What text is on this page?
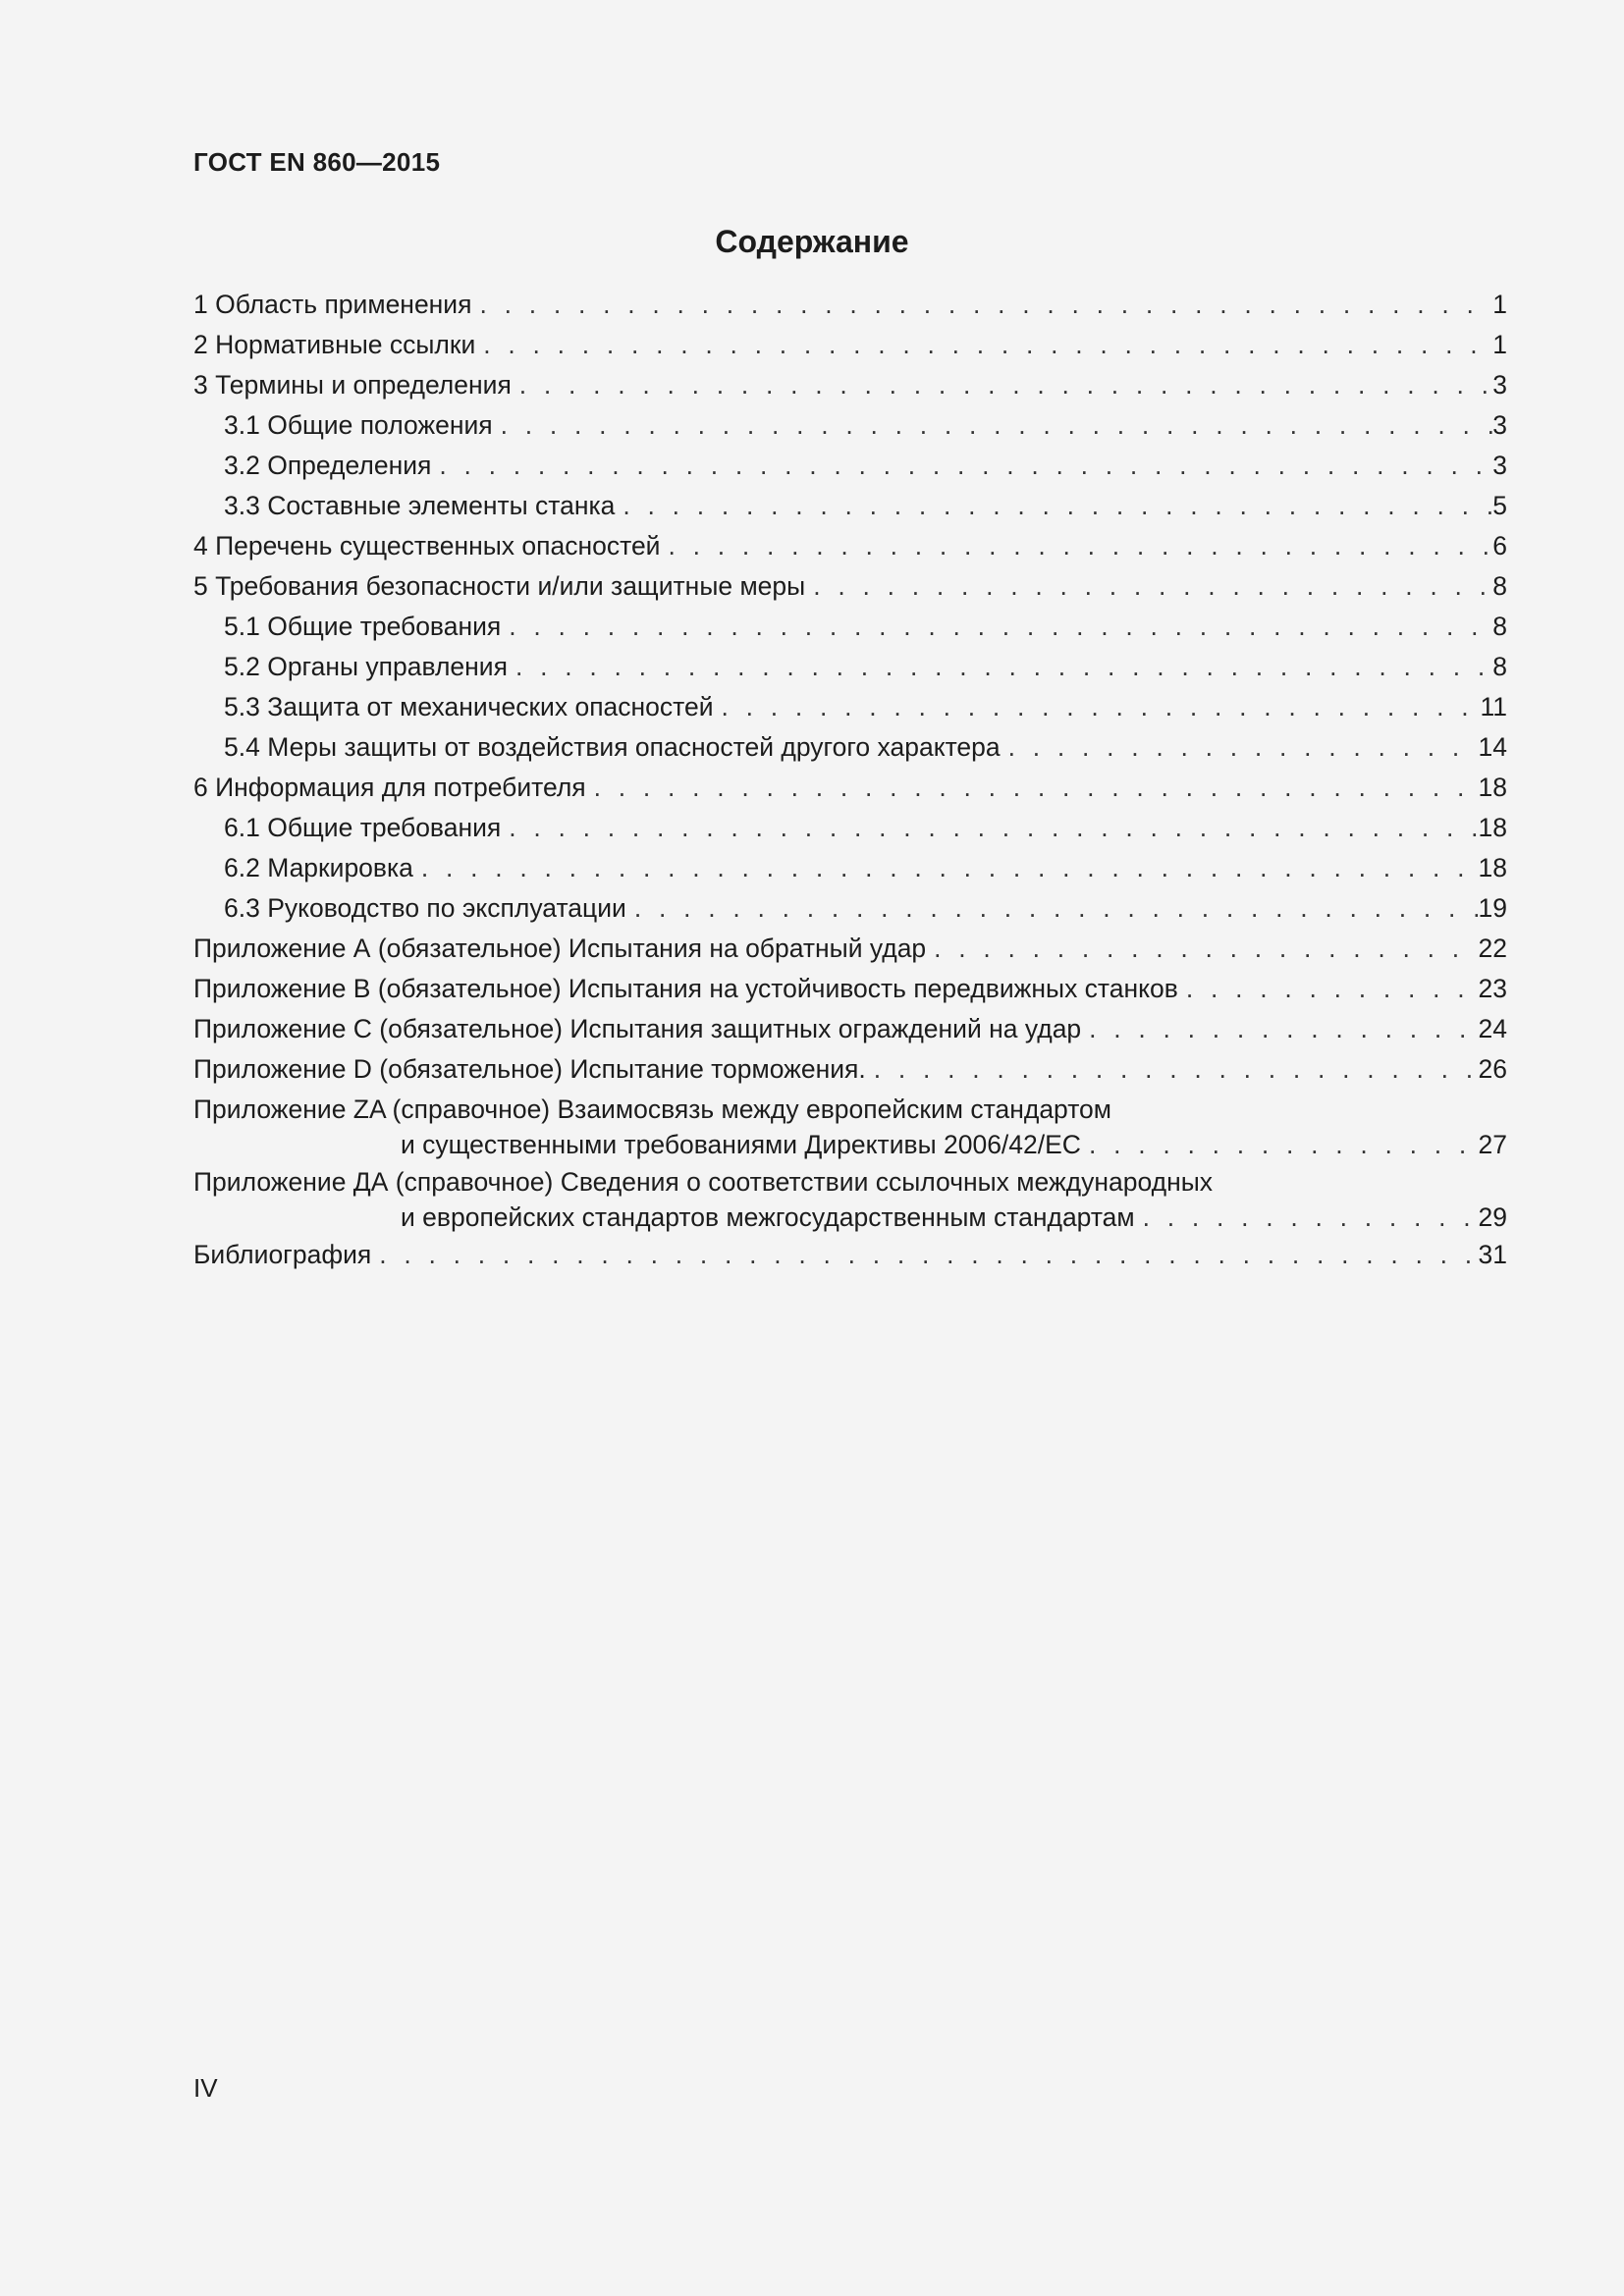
ГОСТ EN 860—2015
Содержание
1 Область применения . . .	1
2 Нормативные ссылки . . .	1
3 Термины и определения . . .	3
3.1 Общие положения . . .	3
3.2 Определения . . .	3
3.3 Составные элементы станка . . .	5
4 Перечень существенных опасностей . . .	6
5 Требования безопасности и/или защитные меры . . .	8
5.1 Общие требования . . .	8
5.2 Органы управления . . .	8
5.3 Защита от механических опасностей . . .	11
5.4 Меры защиты от воздействия опасностей другого характера . . .	14
6 Информация для потребителя . . .	18
6.1 Общие требования . . .	18
6.2 Маркировка . . .	18
6.3 Руководство по эксплуатации . . .	19
Приложение А (обязательное) Испытания на обратный удар . . .	22
Приложение В (обязательное) Испытания на устойчивость передвижных станков . . .	23
Приложение С (обязательное) Испытания защитных ограждений на удар . . .	24
Приложение D (обязательное) Испытание торможения. . . .	26
Приложение ZA (справочное) Взаимосвязь между европейским стандартом
и существенными требованиями Директивы 2006/42/ЕС . . .	27
Приложение ДА (справочное) Сведения о соответствии ссылочных международных
и европейских стандартов межгосударственным стандартам . . .	29
Библиография . . .	31
IV
